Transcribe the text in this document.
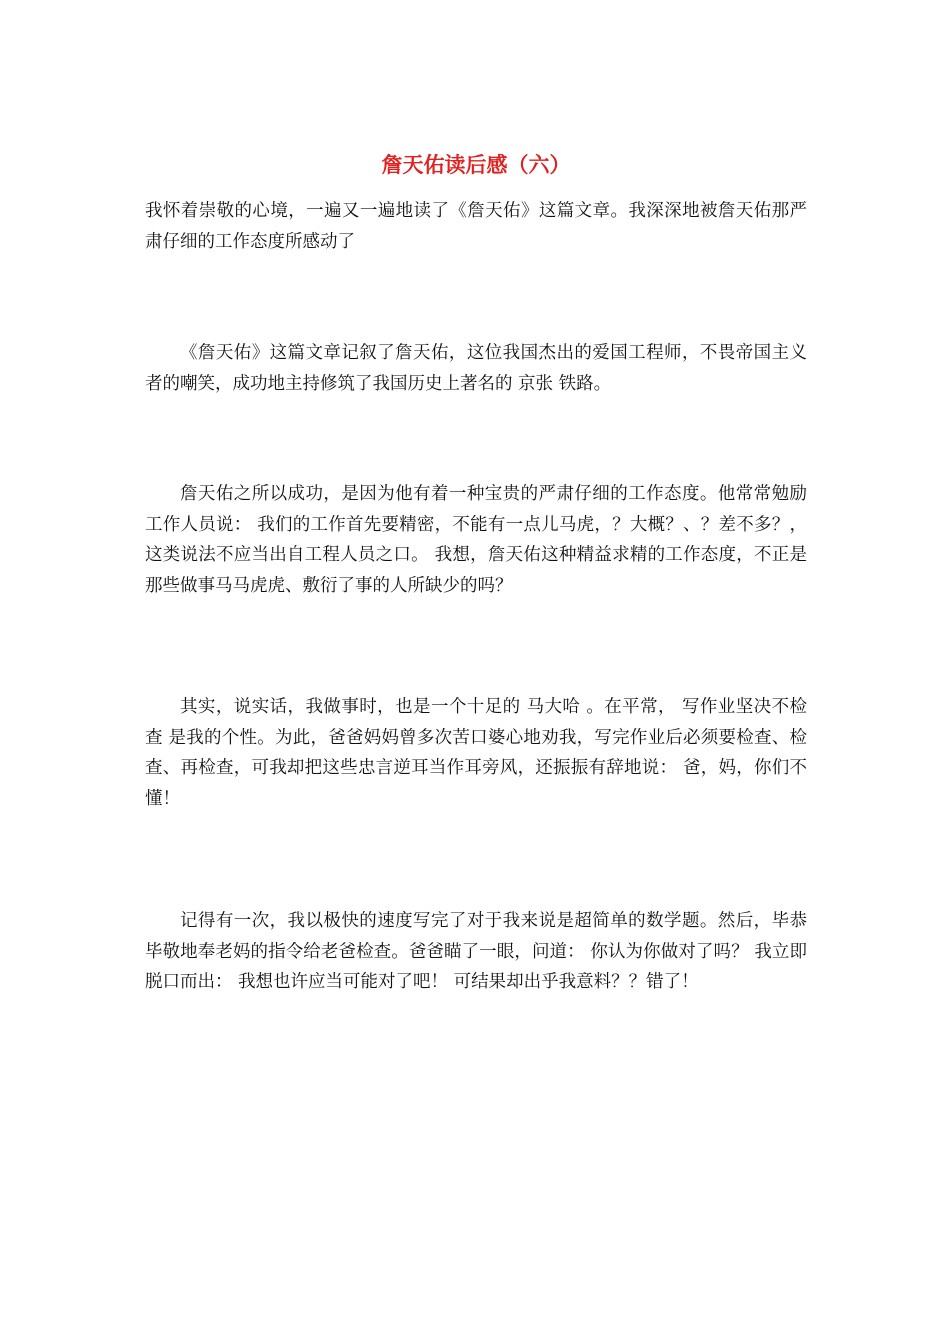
詹天佑读后感（六）

我怀着崇敬的心境，一遍又一遍地读了《詹天佑》这篇文章。我深深地被詹天佑那严肃仔细的工作态度所感动了

《詹天佑》这篇文章记叙了詹天佑，这位我国杰出的爱国工程师，不畏帝国主义者的嘲笑，成功地主持修筑了我国历史上著名的 京张 铁路。

詹天佑之所以成功，是因为他有着一种宝贵的严肃仔细的工作态度。他常常勉励工作人员说： 我们的工作首先要精密，不能有一点儿马虎，？大概？、？差不多？，这类说法不应当出自工程人员之口。 我想，詹天佑这种精益求精的工作态度，不正是那些做事马马虎虎、敷衍了事的人所缺少的吗？

其实，说实话，我做事时，也是一个十足的 马大哈 。在平常， 写作业坚决不检查 是我的个性。为此，爸爸妈妈曾多次苦口婆心地劝我，写完作业后必须要检查、检查、再检查，可我却把这些忠言逆耳当作耳旁风，还振振有辞地说： 爸，妈，你们不懂！

记得有一次，我以极快的速度写完了对于我来说是超简单的数学题。然后，毕恭毕敬地奉老妈的指令给老爸检查。爸爸瞄了一眼，问道： 你认为你做对了吗？ 我立即脱口而出： 我想也许应当可能对了吧！ 可结果却出乎我意料？？错了！
